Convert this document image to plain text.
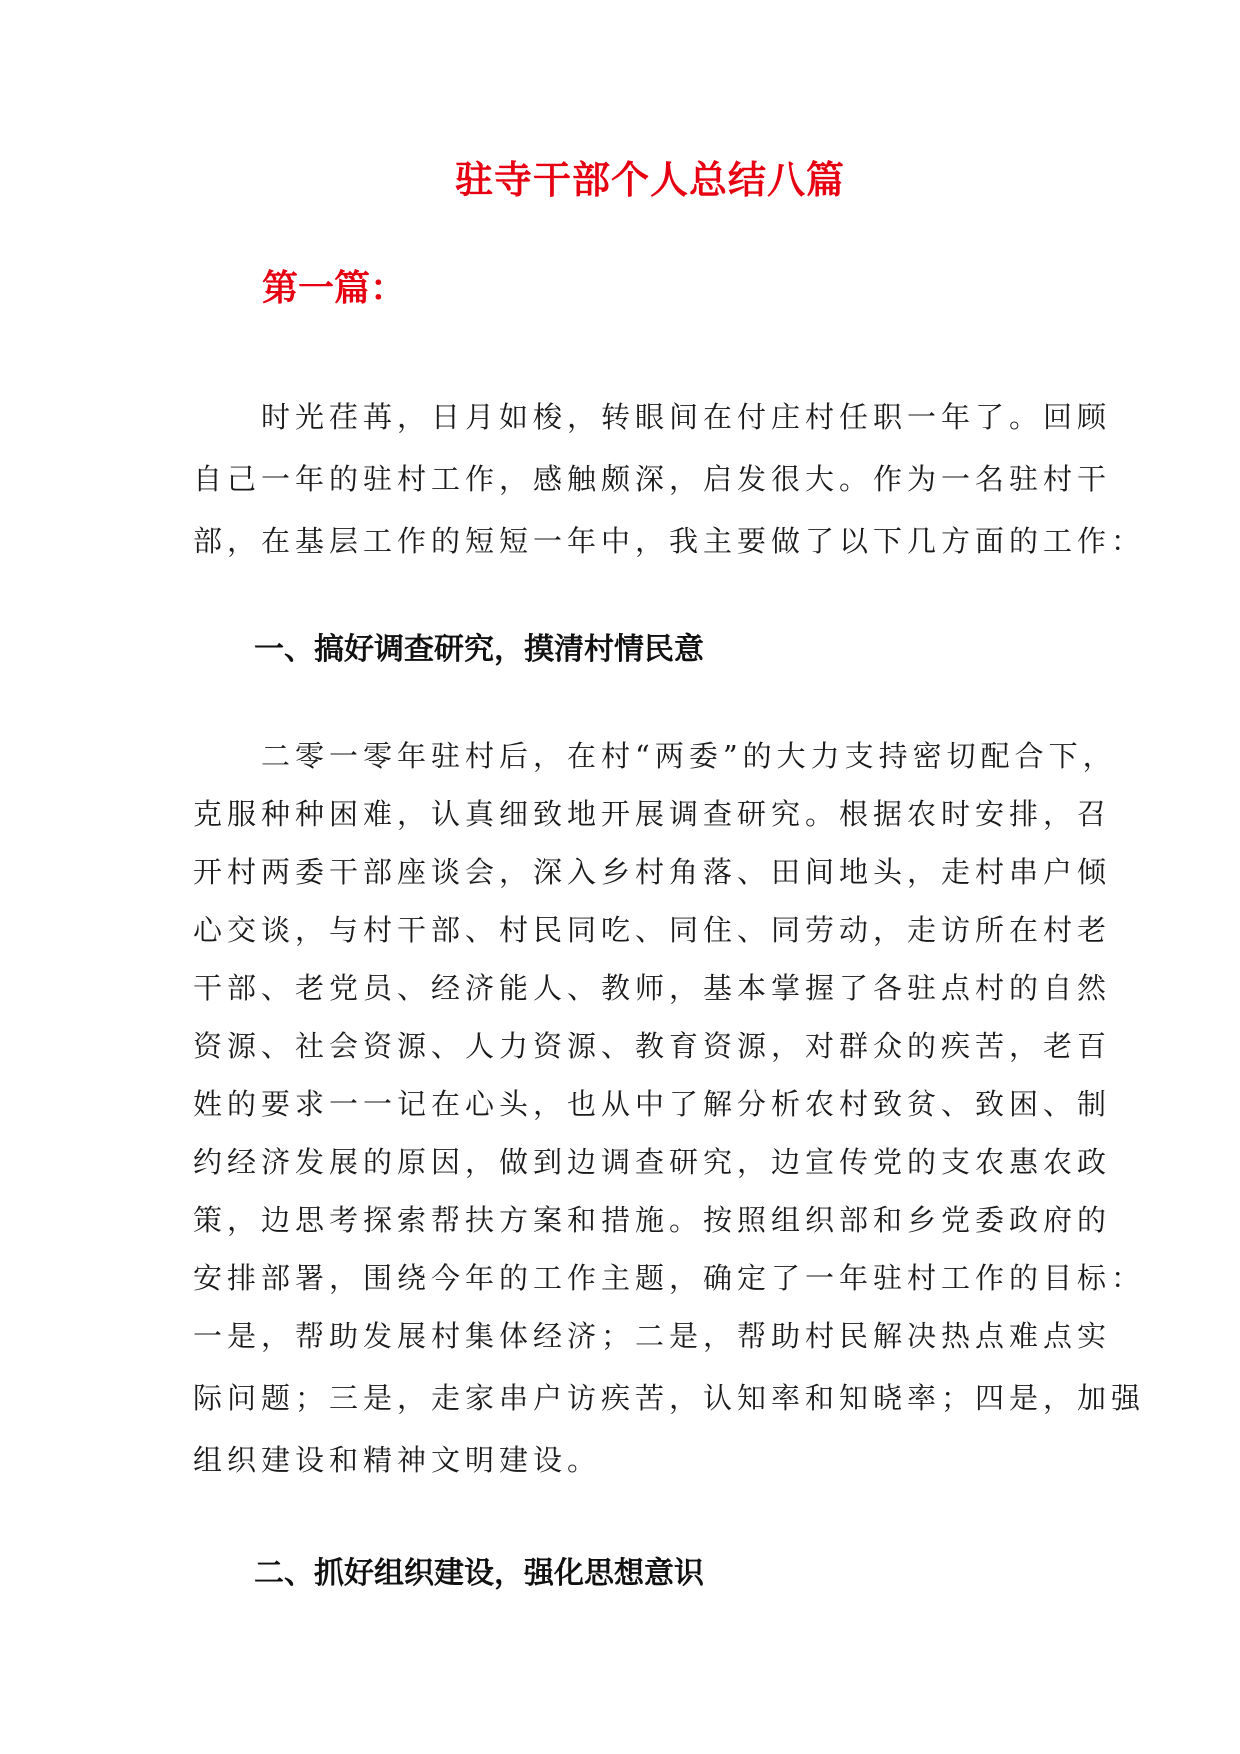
驻寺干部个人总结八篇
第一篇：
　　时光荏苒，日月如梭，转眼间在付庄村任职一年了。回顾
自己一年的驻村工作，感触颇深，启发很大。作为一名驻村干
部，在基层工作的短短一年中，我主要做了以下几方面的工作：
一、搞好调查研究，摸清村情民意
　　二零一零年驻村后，在村“两委”的大力支持密切配合下，
克服种种困难，认真细致地开展调查研究。根据农时安排，召
开村两委干部座谈会，深入乡村角落、田间地头，走村串户倾
心交谈，与村干部、村民同吃、同住、同劳动，走访所在村老
干部、老党员、经济能人、教师，基本掌握了各驻点村的自然
资源、社会资源、人力资源、教育资源，对群众的疾苦，老百
姓的要求一一记在心头，也从中了解分析农村致贫、致困、制
约经济发展的原因，做到边调查研究，边宣传党的支农惠农政
策，边思考探索帮扶方案和措施。按照组织部和乡党委政府的
安排部署，围绕今年的工作主题，确定了一年驻村工作的目标：
一是，帮助发展村集体经济；二是，帮助村民解决热点难点实
际问题；三是，走家串户访疾苦，认知率和知晓率；四是，加强
组织建设和精神文明建设。
二、抓好组织建设，强化思想意识
